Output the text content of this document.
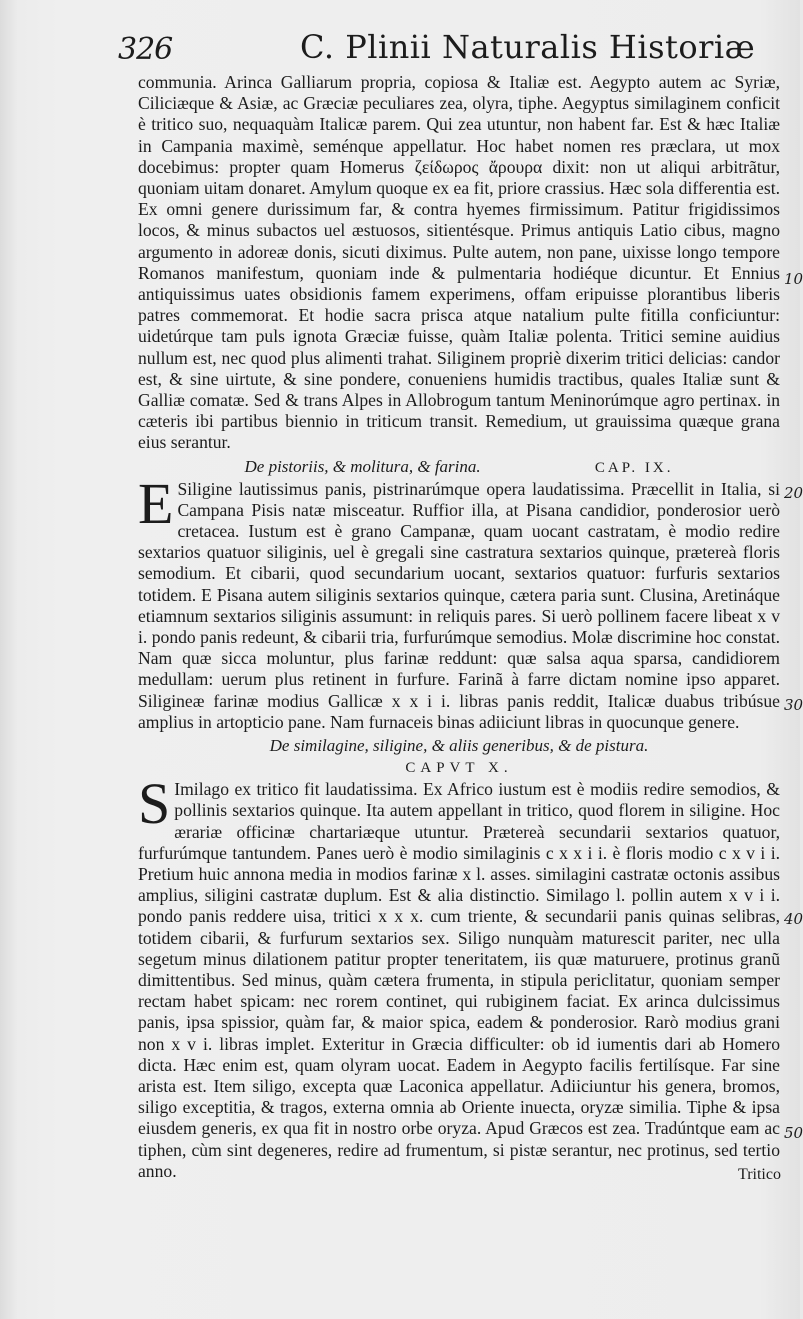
326	C. Plinii Naturalis Historiæ

communia. Arinca Galliarum propria, copiosa & Italiæ est. Aegypto autem ac Syriæ, Ciliciæque & Asiæ, ac Græciæ peculiares zea, olyra, tiphe. Aegyptus similaginem conficit è tritico suo, nequaquàm Italicæ parem. Qui zea utuntur, non habent far. Est & hæc Italiæ in Campania maximè, seménque appellatur. Hoc habet nomen res præclara, ut mox docebimus: propter quam Homerus ζείδωρος ἄρουρα dixit: non ut aliqui arbitrãtur, quoniam uitam donaret. Amylum quoque ex ea fit, priore crassius. Hæc sola differentia est. Ex omni genere durissimum far, & contra hyemes firmissimum. Patitur frigidissimos locos, & minus subactos uel æstuosos, sitientésque. Primus antiquis Latio cibus, magno argumento in adoreæ donis, sicuti diximus. Pulte autem, non pane, uixisse longo tempore Romanos manifestum, quoniam inde & pulmentaria hodiéque dicuntur. Et Ennius antiquissimus uates obsidionis famem experimens, offam eripuisse plorantibus liberis patres commemorat. Et hodie sacra prisca atque natalium pulte fitilla conficiuntur: uidetúrque tam puls ignota Græciæ fuisse, quàm Italiæ polenta. Tritici semine auidius nullum est, nec quod plus alimenti trahat. Siliginem propriè dixerim tritici delicias: candor est, & sine uirtute, & sine pondere, conueniens humidis tractibus, quales Italiæ sunt & Galliæ comatæ. Sed & trans Alpes in Allobrogum tantum Meninorúmque agro pertinax. in cæteris ibi partibus biennio in triticum transit. Remedium, ut grauissima quæque grana eius serantur.

De pistoriis, & molitura, & farina.	CAP. IX.

E Siligine lautissimus panis, pistrinarúmque opera laudatissima. Præcellit in Italia, si Campana Pisis natæ misceatur. Ruffior illa, at Pisana candidior, ponderosior uerò cretacea. Iustum est è grano Campanæ, quam uocant castratam, è modio redire sextarios quatuor siliginis, uel è gregali sine castratura sextarios quinque, prætereà floris semodium. Et cibarii, quod secundarium uocant, sextarios quatuor: furfuris sextarios totidem. E Pisana autem siliginis sextarios quinque, cætera paria sunt. Clusina, Aretináque etiamnum sextarios siliginis assumunt: in reliquis pares. Si uerò pollinem facere libeat x v i. pondo panis redeunt, & cibarii tria, furfurúmque semodius. Molæ discrimine hoc constat. Nam quæ sicca moluntur, plus farinæ reddunt: quæ salsa aqua sparsa, candidiorem medullam: uerum plus retinent in furfure. Farinã à farre dictam nomine ipso apparet. Siligineæ farinæ modius Gallicæ x x i i. libras panis reddit, Italicæ duabus tribúsue amplius in artopticio pane. Nam furnaceis binas adiiciunt libras in quocunque genere.

De similagine, siligine, & aliis generibus, & de pistura.
CAPVT X.

S Imilago ex tritico fit laudatissima. Ex Africo iustum est è modiis redire semodios, & pollinis sextarios quinque. Ita autem appellant in tritico, quod florem in siligine. Hoc ærariæ officinæ chartariæque utuntur. Prætereà secundarii sextarios quatuor, furfurúmque tantundem. Panes uerò è modio similaginis c x x i i. è floris modio c x v i i. Pretium huic annona media in modios farinæ x l. asses. similagini castratæ octonis assibus amplius, siligini castratæ duplum. Est & alia distinctio. Similago l. pollin autem x v i i. pondo panis reddere uisa, tritici x x x. cum triente, & secundarii panis quinas selibras, totidem cibarii, & furfurum sextarios sex. Siligo nunquàm maturescit pariter, nec ulla segetum minus dilationem patitur propter teneritatem, iis quæ maturuere, protinus granũ dimittentibus. Sed minus, quàm cætera frumenta, in stipula periclitatur, quoniam semper rectam habet spicam: nec rorem continet, qui rubiginem faciat. Ex arinca dulcissimus panis, ipsa spissior, quàm far, & maior spica, eadem & ponderosior. Rarò modius grani non x v i. libras implet. Exteritur in Græcia difficulter: ob id iumentis dari ab Homero dicta. Hæc enim est, quam olyram uocat. Eadem in Aegypto facilis fertilísque. Far sine arista est. Item siligo, excepta quæ Laconica appellatur. Adiiciuntur his genera, bromos, siligo exceptitia, & tragos, externa omnia ab Oriente inuecta, oryzæ similia. Tiphe & ipsa eiusdem generis, ex qua fit in nostro orbe oryza. Apud Græcos est zea. Tradúntque eam ac tiphen, cùm sint degeneres, redire ad frumentum, si pistæ serantur, nec protinus, sed tertio anno.

10
20
30
40
50
Tritico
